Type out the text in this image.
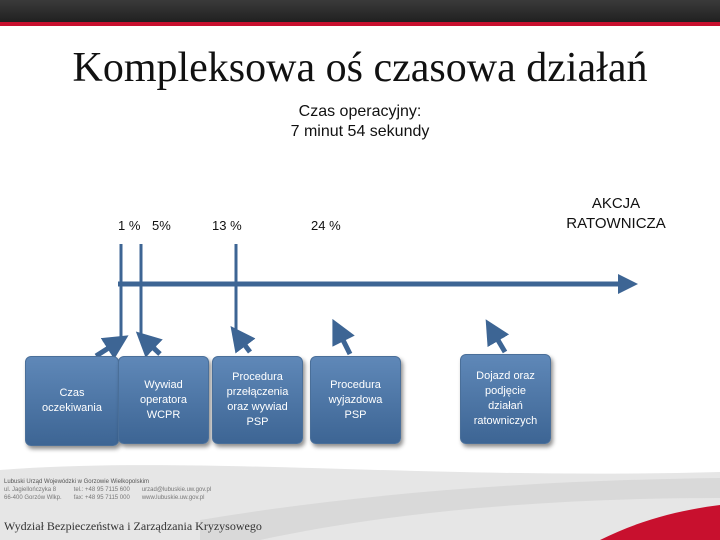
Kompleksowa oś czasowa działań
Czas operacyjny:
7 minut 54 sekundy
1 % 5%	13 %	24 %
AKCJA
RATOWNICZA
Czas
oczekiwania
Wywiad
operatora
WCPR
Procedura
przełączenia
oraz wywiad
PSP
Procedura
wyjazdowa
PSP
Dojazd oraz
podjęcie
działań
ratowniczych
Lubuski Urząd Wojewódzki w Gorzowie Wielkopolskim
ul. Jagiellończyka 8
66-400 Gorzów Wlkp.
tel.: +48 95 7115 600
fax: +48 95 7115 000
urzad@lubuskie.uw.gov.pl
www.lubuskie.uw.gov.pl
Wydział Bezpieczeństwa i Zarządzania Kryzysowego
